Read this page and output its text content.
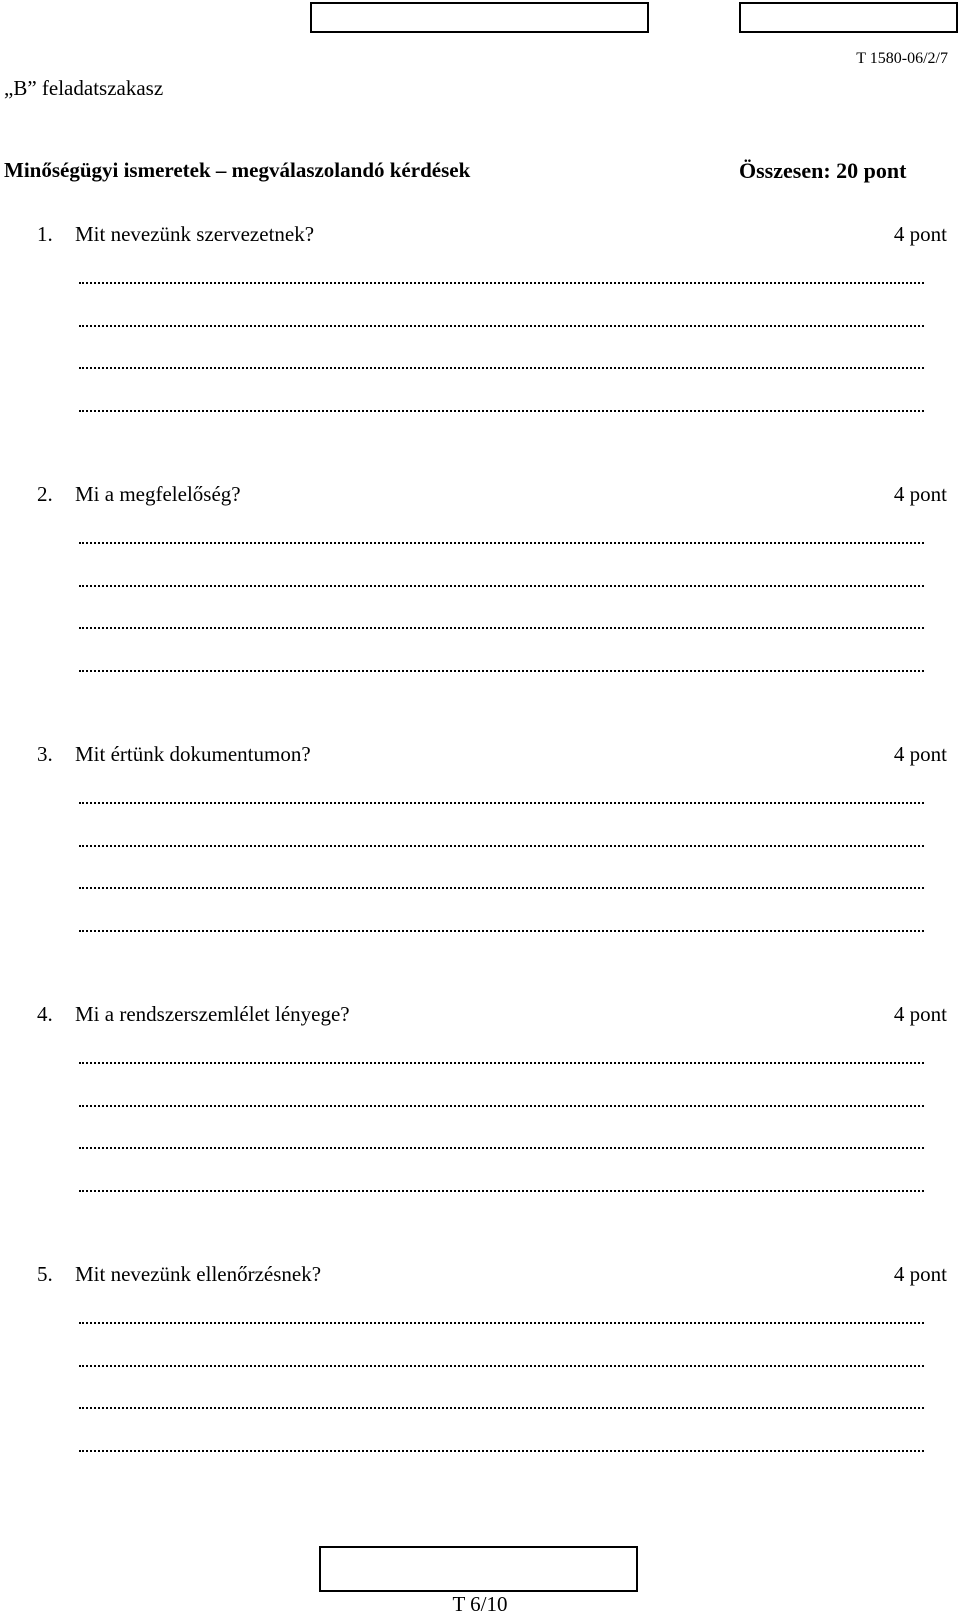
T 1580-06/2/7
„B” feladatszakasz
Minőségügyi ismeretek – megválaszolandó kérdések	Összesen: 20 pont
1. Mit nevezünk szervezetnek?	4 pont
2. Mi a megfelelőség?	4 pont
3. Mit értünk dokumentumon?	4 pont
4. Mi a rendszerszemlélet lényege?	4 pont
5. Mit nevezünk ellenőrzésnek?	4 pont
T 6/10
